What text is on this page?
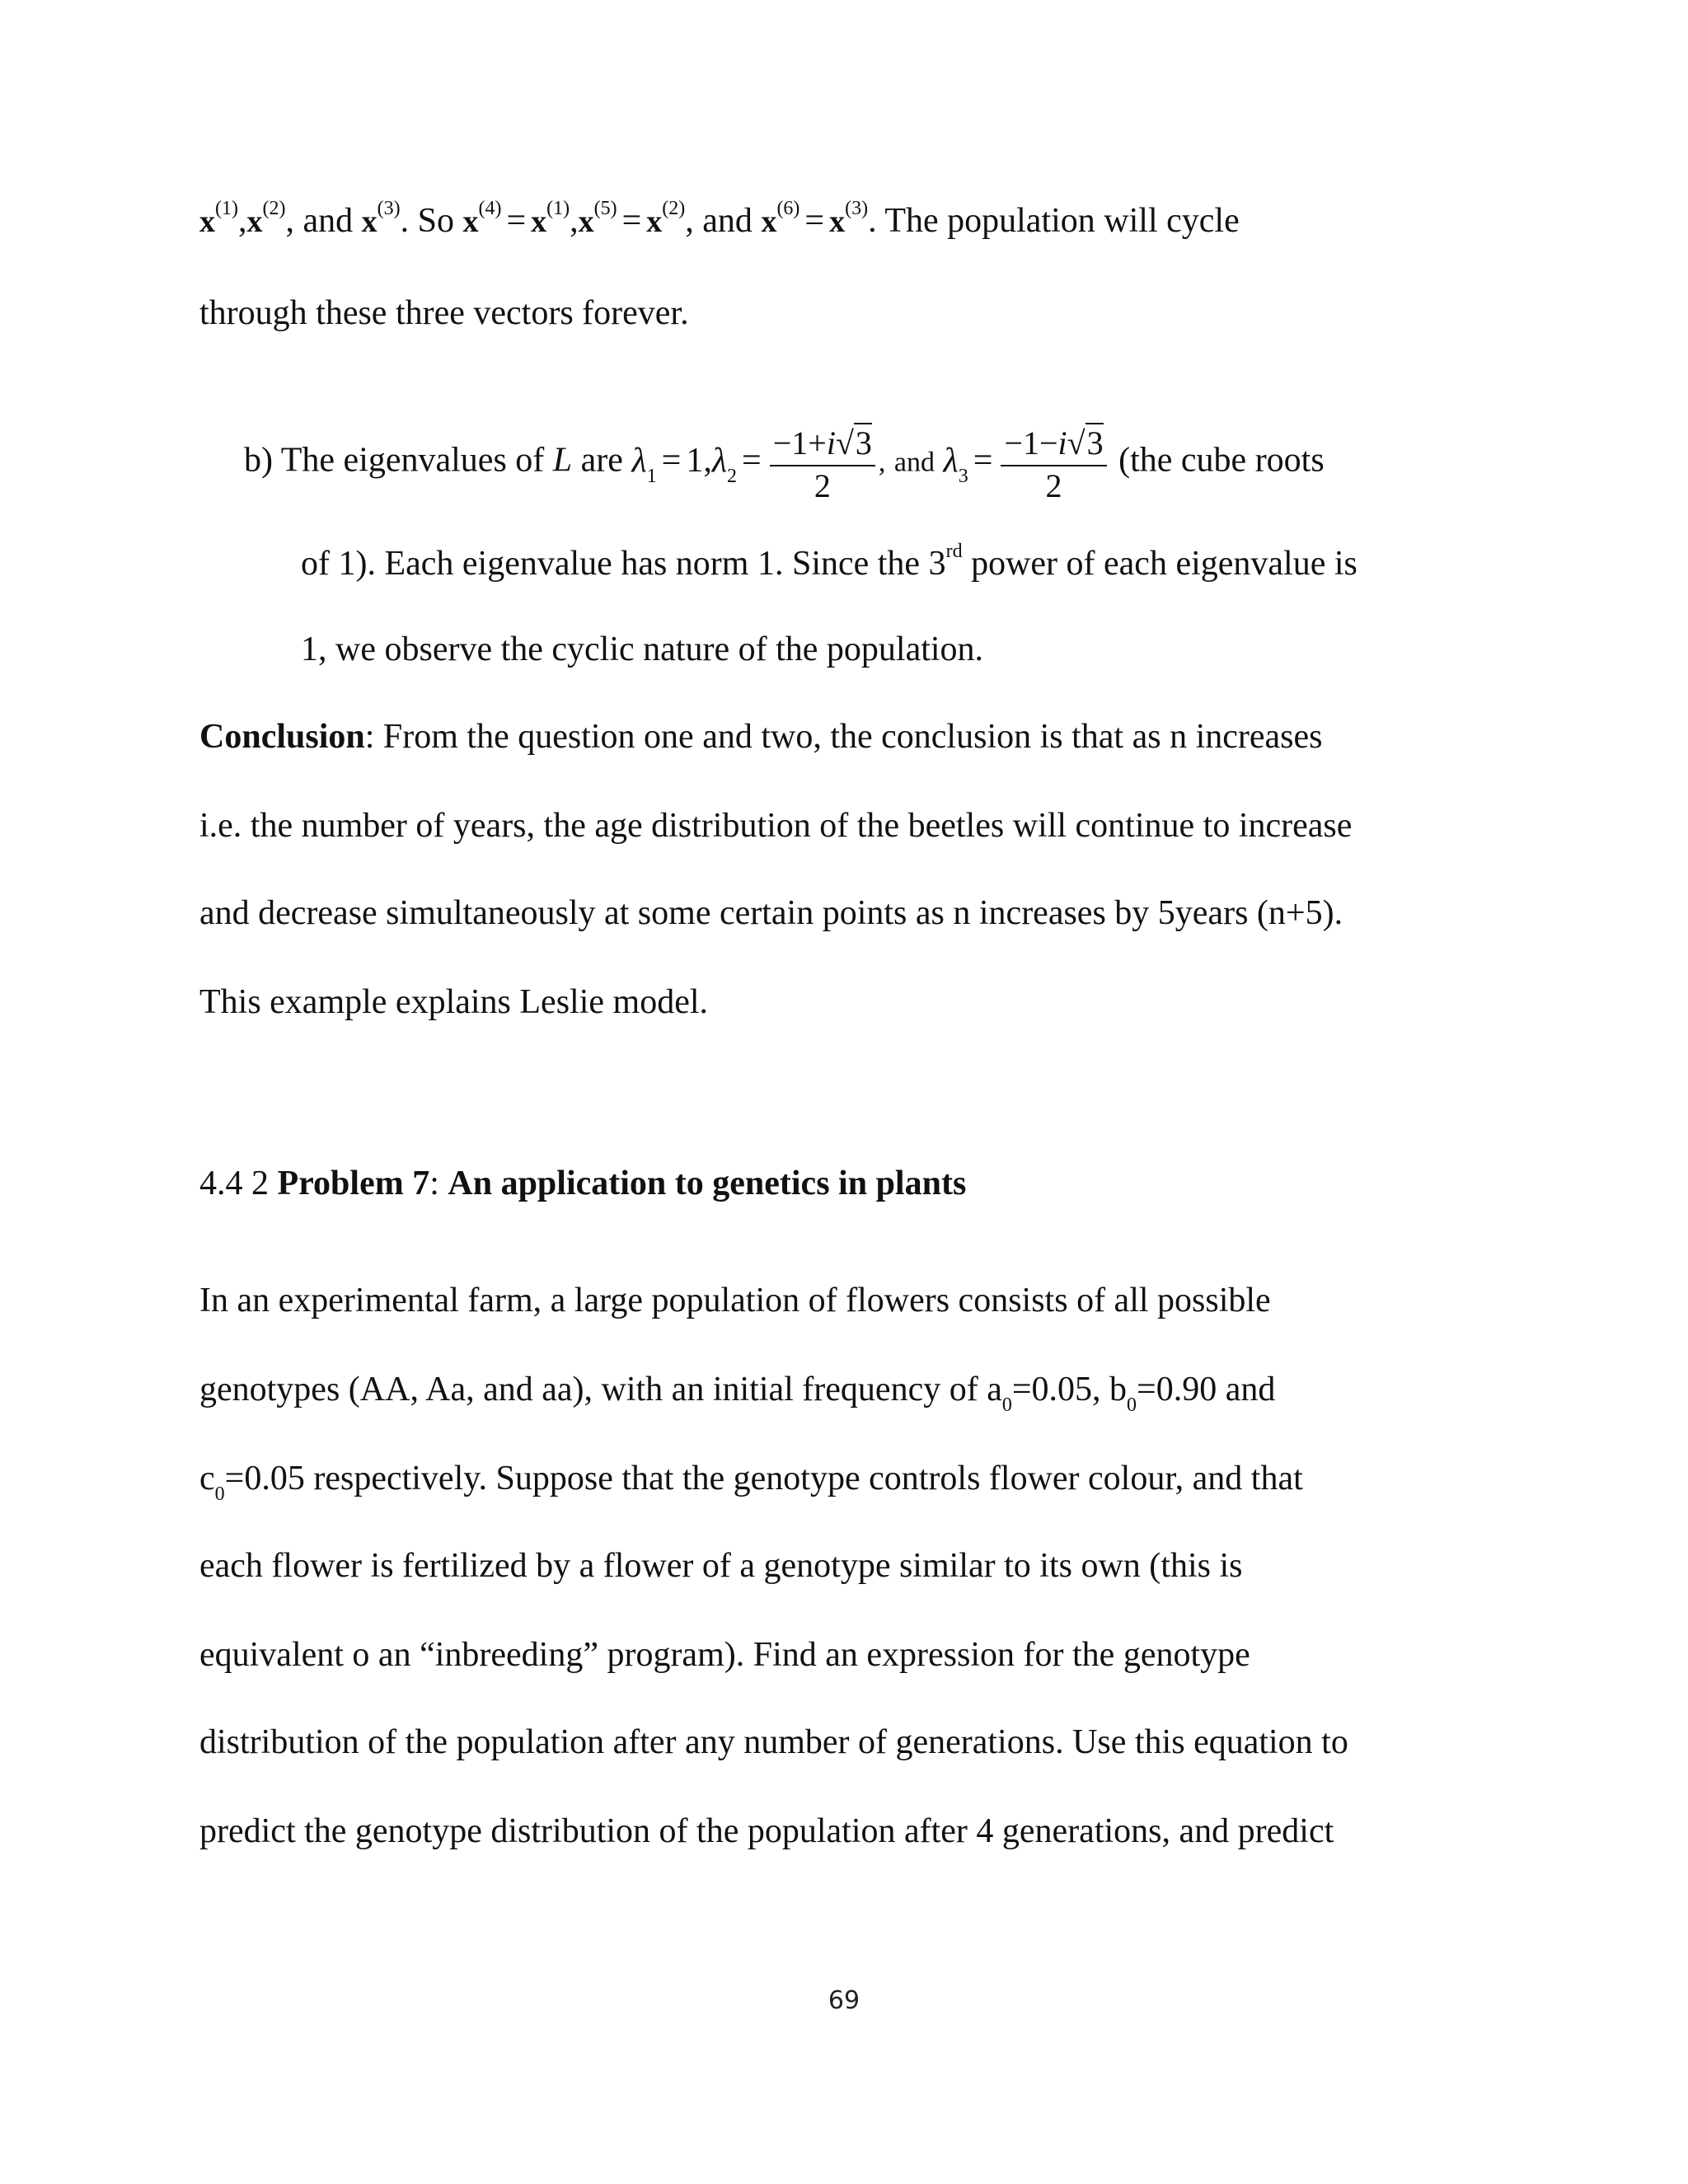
$x^{(1)},x^{(2)}$, and $x^{(3)}$. So $x^{(4)} = x^{(1)},x^{(5)} = x^{(2)}$, and $x^{(6)} = x^{(3)}$. The population will cycle
through these three vectors forever.
b) The eigenvalues of L are $\lambda_1 = 1,\lambda_2 = \frac{-1+i√3}{2}$ , and $\lambda_3 = \frac{-1-i√3}{2} (the$ cube roots
of 1). Each eigenvalue has norm 1. Since the 3rd power of each eigenvalue is
1, we observe the cyclic nature of the population.
Conclusion: From the question one and two, the conclusion is that as n increases
i.e. the number of years, the age distribution of the beetles will continue to increase
and decrease simultaneously at some certain points as n increases by 5years (n+5).
This example explains Leslie model.
4.4 2 Problem 7: An application to genetics in plants
In an experimental farm, a large population of flowers consists of all possible
genotypes (AA, Aa, and aa), with an initial frequency of $a_0=0.05$, $b_0=0.90$ and
$c_0=0.05$ respectively. Suppose that the genotype controls flower colour, and that
each flower is fertilized by a flower of a genotype similar to its own (this is
equivalent o an “inbreeding” program). Find an expression for the genotype
distribution of the population after any number of generations. Use this equation to
predict the genotype distribution of the population after 4 generations, and predict
69
